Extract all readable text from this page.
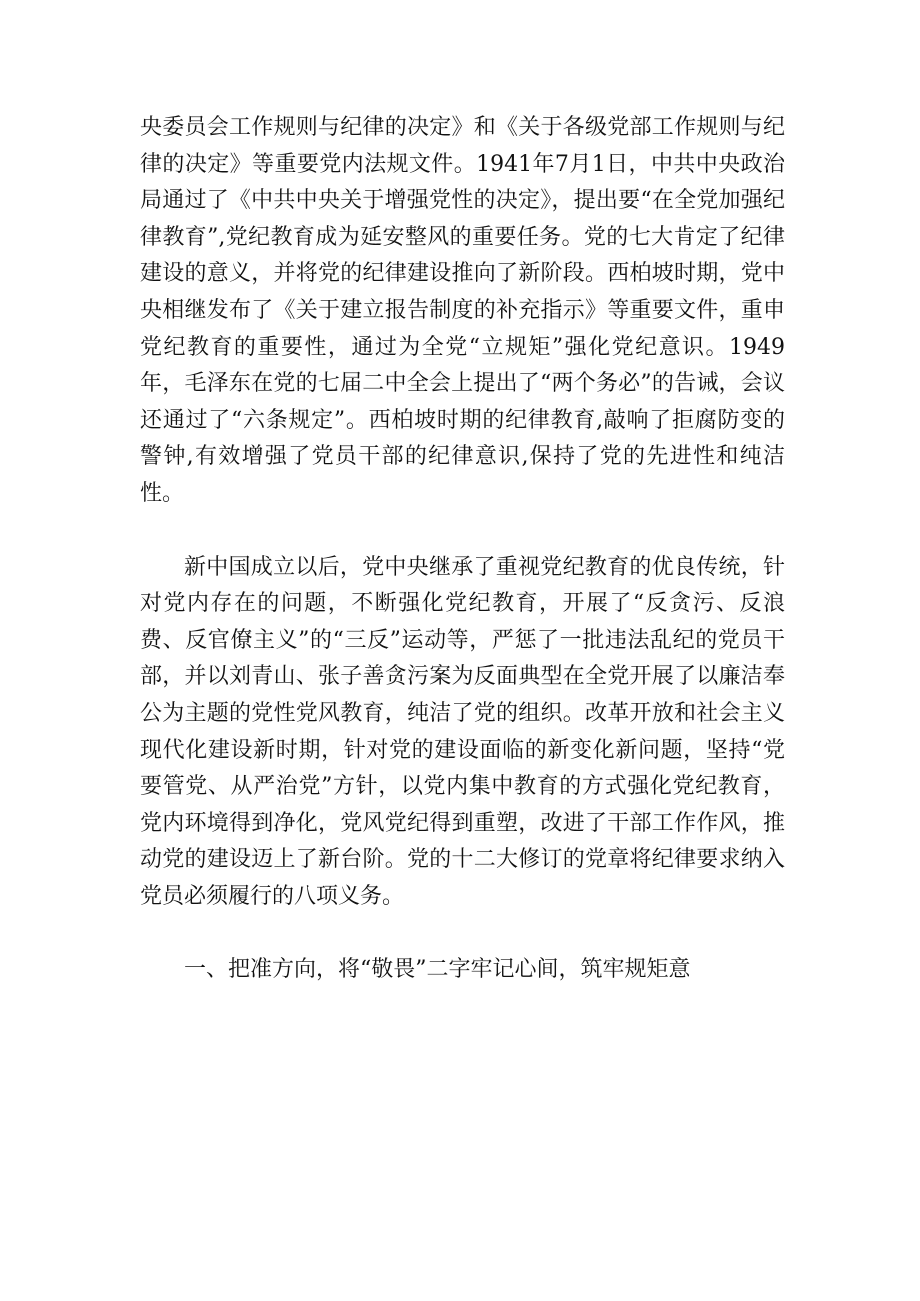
央委员会工作规则与纪律的决定》和《关于各级党部工作规则与纪律的决定》等重要党内法规文件。1941年7月1日，中共中央政治局通过了《中共中央关于增强党性的决定》，提出要“在全党加强纪律教育”,党纪教育成为延安整风的重要任务。党的七大肯定了纪律建设的意义，并将党的纪律建设推向了新阶段。西柏坡时期，党中央相继发布了《关于建立报告制度的补充指示》等重要文件，重申党纪教育的重要性，通过为全党“立规矩”强化党纪意识。1949年，毛泽东在党的七届二中全会上提出了“两个务必”的告诫，会议还通过了“六条规定”。西柏坡时期的纪律教育,敲响了拒腐防变的警钟,有效增强了党员干部的纪律意识,保持了党的先进性和纯洁性。

新中国成立以后，党中央继承了重视党纪教育的优良传统，针对党内存在的问题，不断强化党纪教育，开展了“反贪污、反浪费、反官僚主义”的“三反”运动等，严惩了一批违法乱纪的党员干部，并以刘青山、张子善贪污案为反面典型在全党开展了以廉洁奉公为主题的党性党风教育，纯洁了党的组织。改革开放和社会主义现代化建设新时期，针对党的建设面临的新变化新问题，坚持“党要管党、从严治党”方针，以党内集中教育的方式强化党纪教育，党内环境得到净化，党风党纪得到重塑，改进了干部工作作风，推动党的建设迈上了新台阶。党的十二大修订的党章将纪律要求纳入党员必须履行的八项义务。

一、把准方向，将“敬畏”二字牢记心间，筑牢规矩意
